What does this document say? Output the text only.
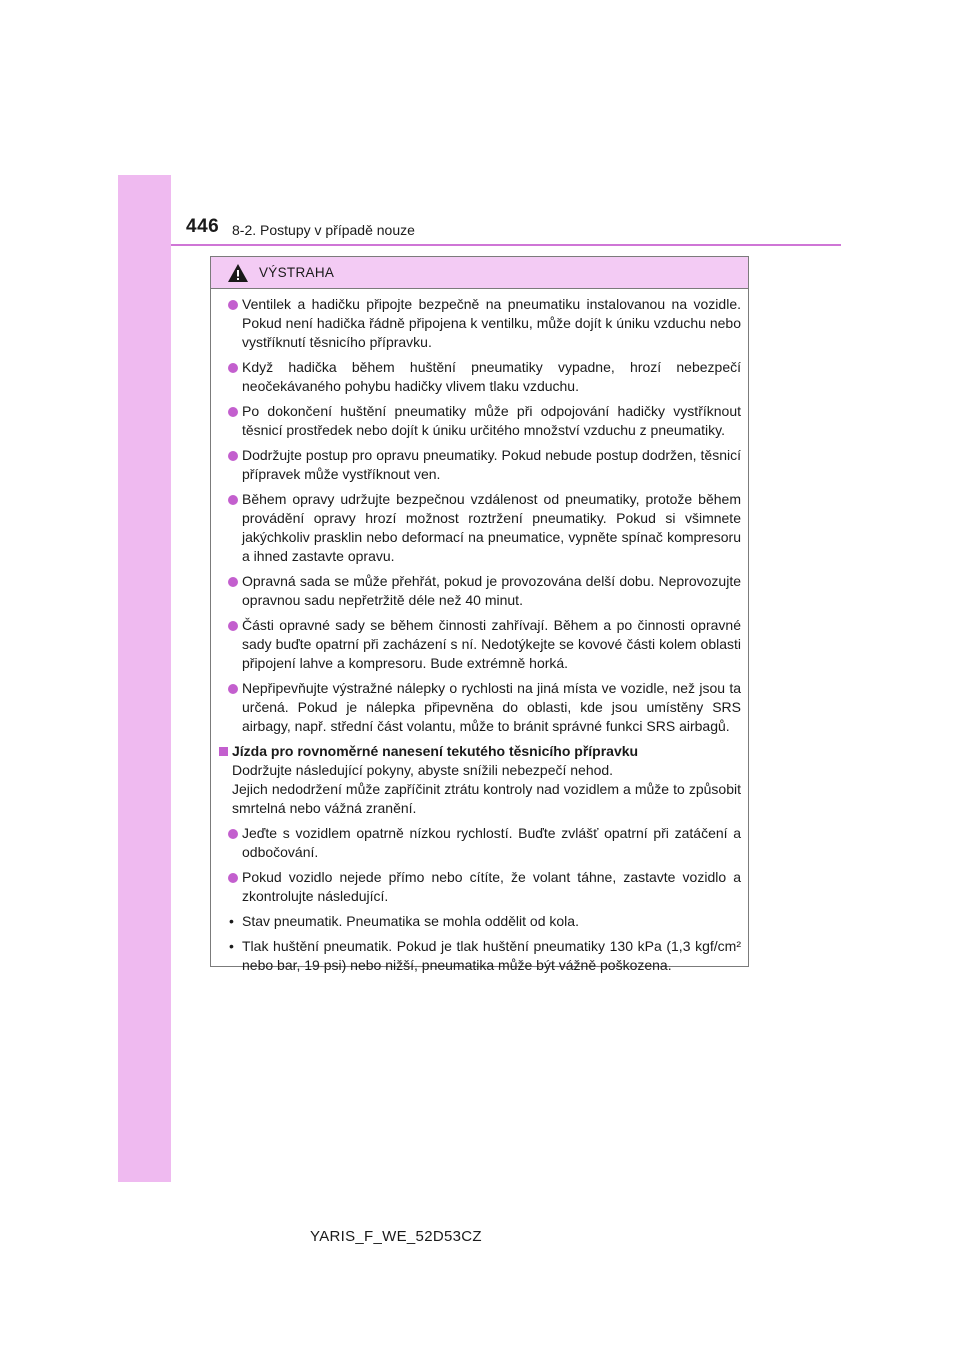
446 8-2. Postupy v případě nouze
VÝSTRAHA
Ventilek a hadičku připojte bezpečně na pneumatiku instalovanou na vozidle. Pokud není hadička řádně připojena k ventilku, může dojít k úniku vzduchu nebo vystříknutí těsnicího přípravku.
Když hadička během huštění pneumatiky vypadne, hrozí nebezpečí neočekávaného pohybu hadičky vlivem tlaku vzduchu.
Po dokončení huštění pneumatiky může při odpojování hadičky vystříknout těsnicí prostředek nebo dojít k úniku určitého množství vzduchu z pneumatiky.
Dodržujte postup pro opravu pneumatiky. Pokud nebude postup dodržen, těsnicí přípravek může vystříknout ven.
Během opravy udržujte bezpečnou vzdálenost od pneumatiky, protože během provádění opravy hrozí možnost roztržení pneumatiky. Pokud si všimnete jakýchkoliv prasklin nebo deformací na pneumatice, vypněte spínač kompresoru a ihned zastavte opravu.
Opravná sada se může přehřát, pokud je provozována delší dobu. Neprovozujte opravnou sadu nepřetržitě déle než 40 minut.
Části opravné sady se během činnosti zahřívají. Během a po činnosti opravné sady buďte opatrní při zacházení s ní. Nedotýkejte se kovové části kolem oblasti připojení lahve a kompresoru. Bude extrémně horká.
Nepřipevňujte výstražné nálepky o rychlosti na jiná místa ve vozidle, než jsou ta určená. Pokud je nálepka připevněna do oblasti, kde jsou umístěny SRS airbagy, např. střední část volantu, může to bránit správné funkci SRS airbagů.
Jízda pro rovnoměrné nanesení tekutého těsnicího přípravku
Dodržujte následující pokyny, abyste snížili nebezpečí nehod.
Jejich nedodržení může zapříčinit ztrátu kontroly nad vozidlem a může to způsobit smrtelná nebo vážná zranění.
Jeďte s vozidlem opatrně nízkou rychlostí. Buďte zvlášť opatrní při zatáčení a odbočování.
Pokud vozidlo nejede přímo nebo cítíte, že volant táhne, zastavte vozidlo a zkontrolujte následující.
• Stav pneumatik. Pneumatika se mohla oddělit od kola.
• Tlak huštění pneumatik. Pokud je tlak huštění pneumatiky 130 kPa (1,3 kgf/cm² nebo bar, 19 psi) nebo nižší, pneumatika může být vážně poškozena.
YARIS_F_WE_52D53CZ
